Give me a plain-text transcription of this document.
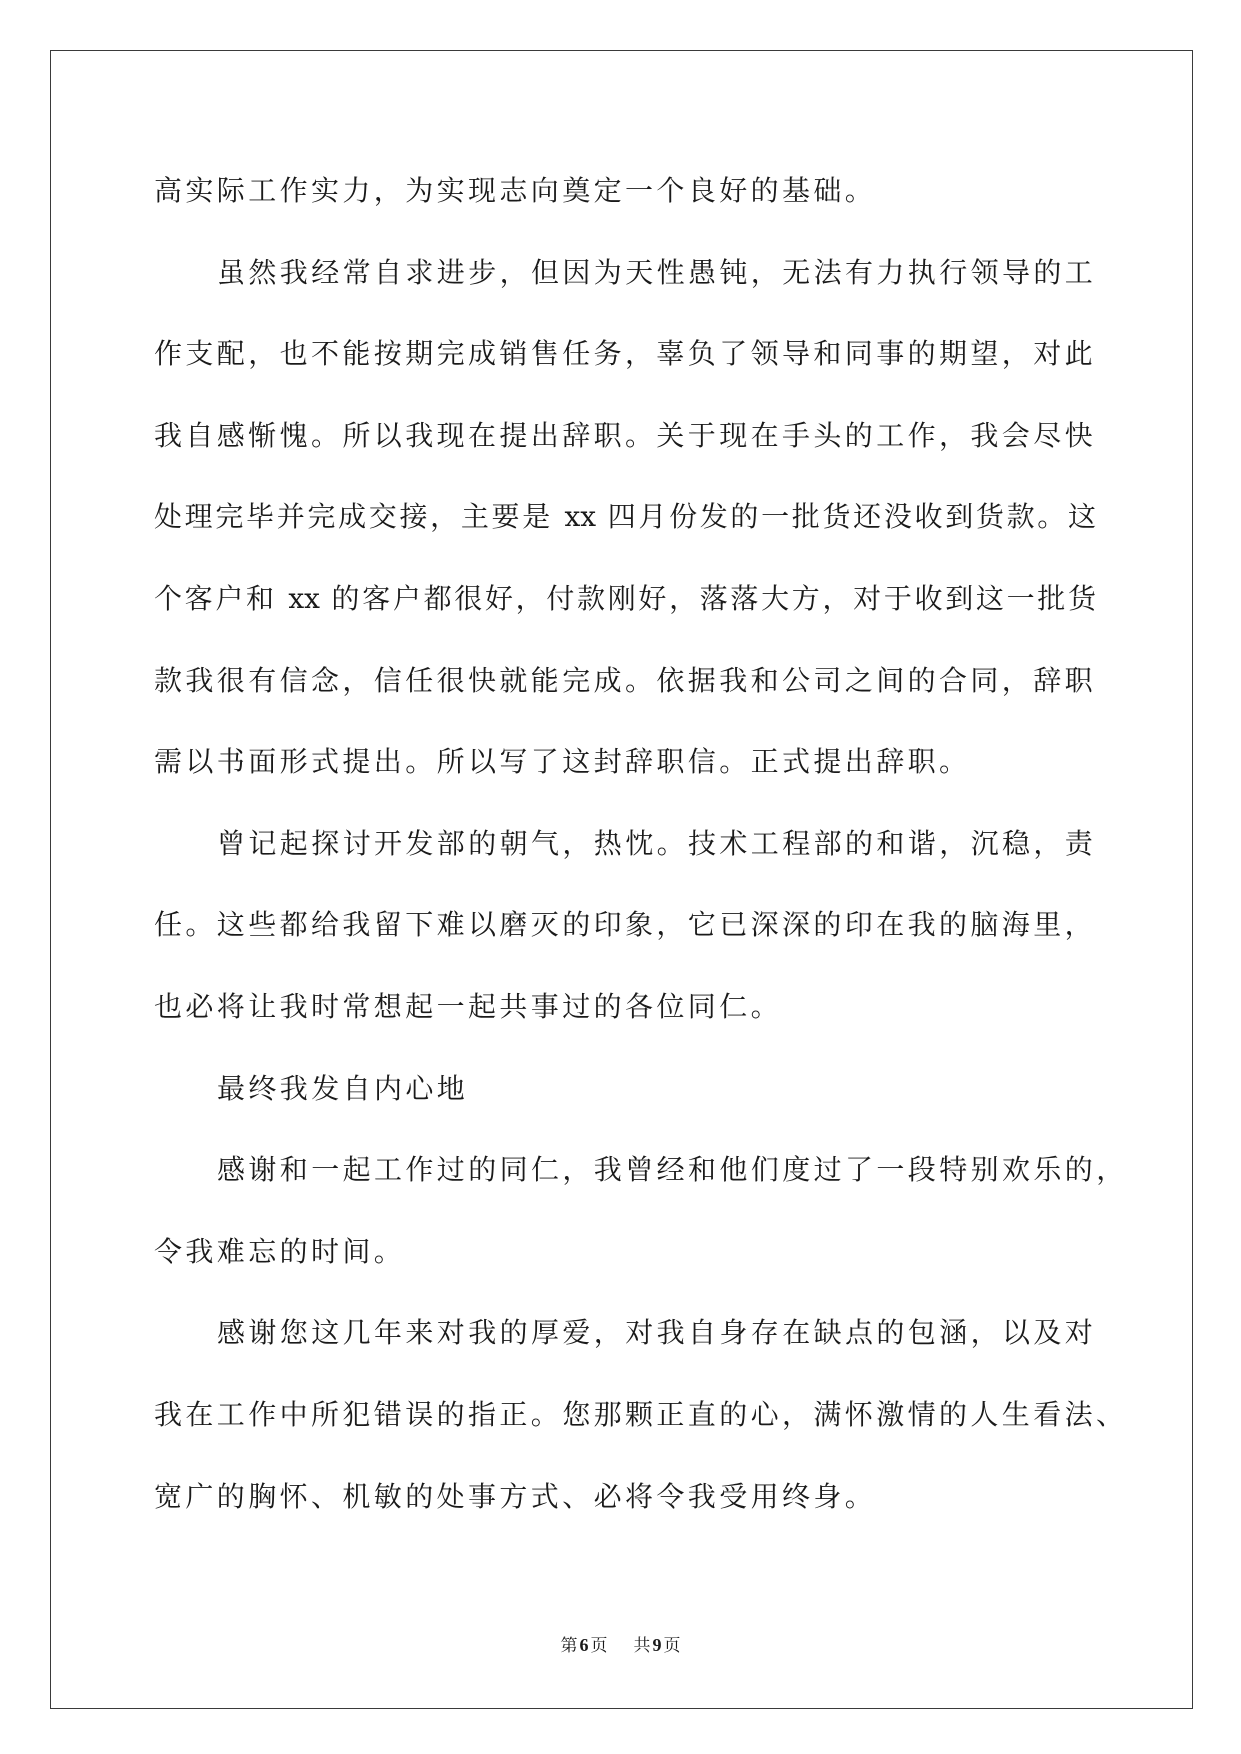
高实际工作实力，为实现志向奠定一个良好的基础。
虽然我经常自求进步，但因为天性愚钝，无法有力执行领导的工
作支配，也不能按期完成销售任务，辜负了领导和同事的期望，对此
我自感惭愧。所以我现在提出辞职。关于现在手头的工作，我会尽快
处理完毕并完成交接，主要是 xx 四月份发的一批货还没收到货款。这
个客户和 xx 的客户都很好，付款刚好，落落大方，对于收到这一批货
款我很有信念，信任很快就能完成。依据我和公司之间的合同，辞职
需以书面形式提出。所以写了这封辞职信。正式提出辞职。
曾记起探讨开发部的朝气，热忱。技术工程部的和谐，沉稳，责
任。这些都给我留下难以磨灭的印象，它已深深的印在我的脑海里，
也必将让我时常想起一起共事过的各位同仁。
最终我发自内心地
感谢和一起工作过的同仁，我曾经和他们度过了一段特别欢乐的，
令我难忘的时间。
感谢您这几年来对我的厚爱，对我自身存在缺点的包涵，以及对
我在工作中所犯错误的指正。您那颗正直的心，满怀激情的人生看法、
宽广的胸怀、机敏的处事方式、必将令我受用终身。
第 6 页 共 9 页
